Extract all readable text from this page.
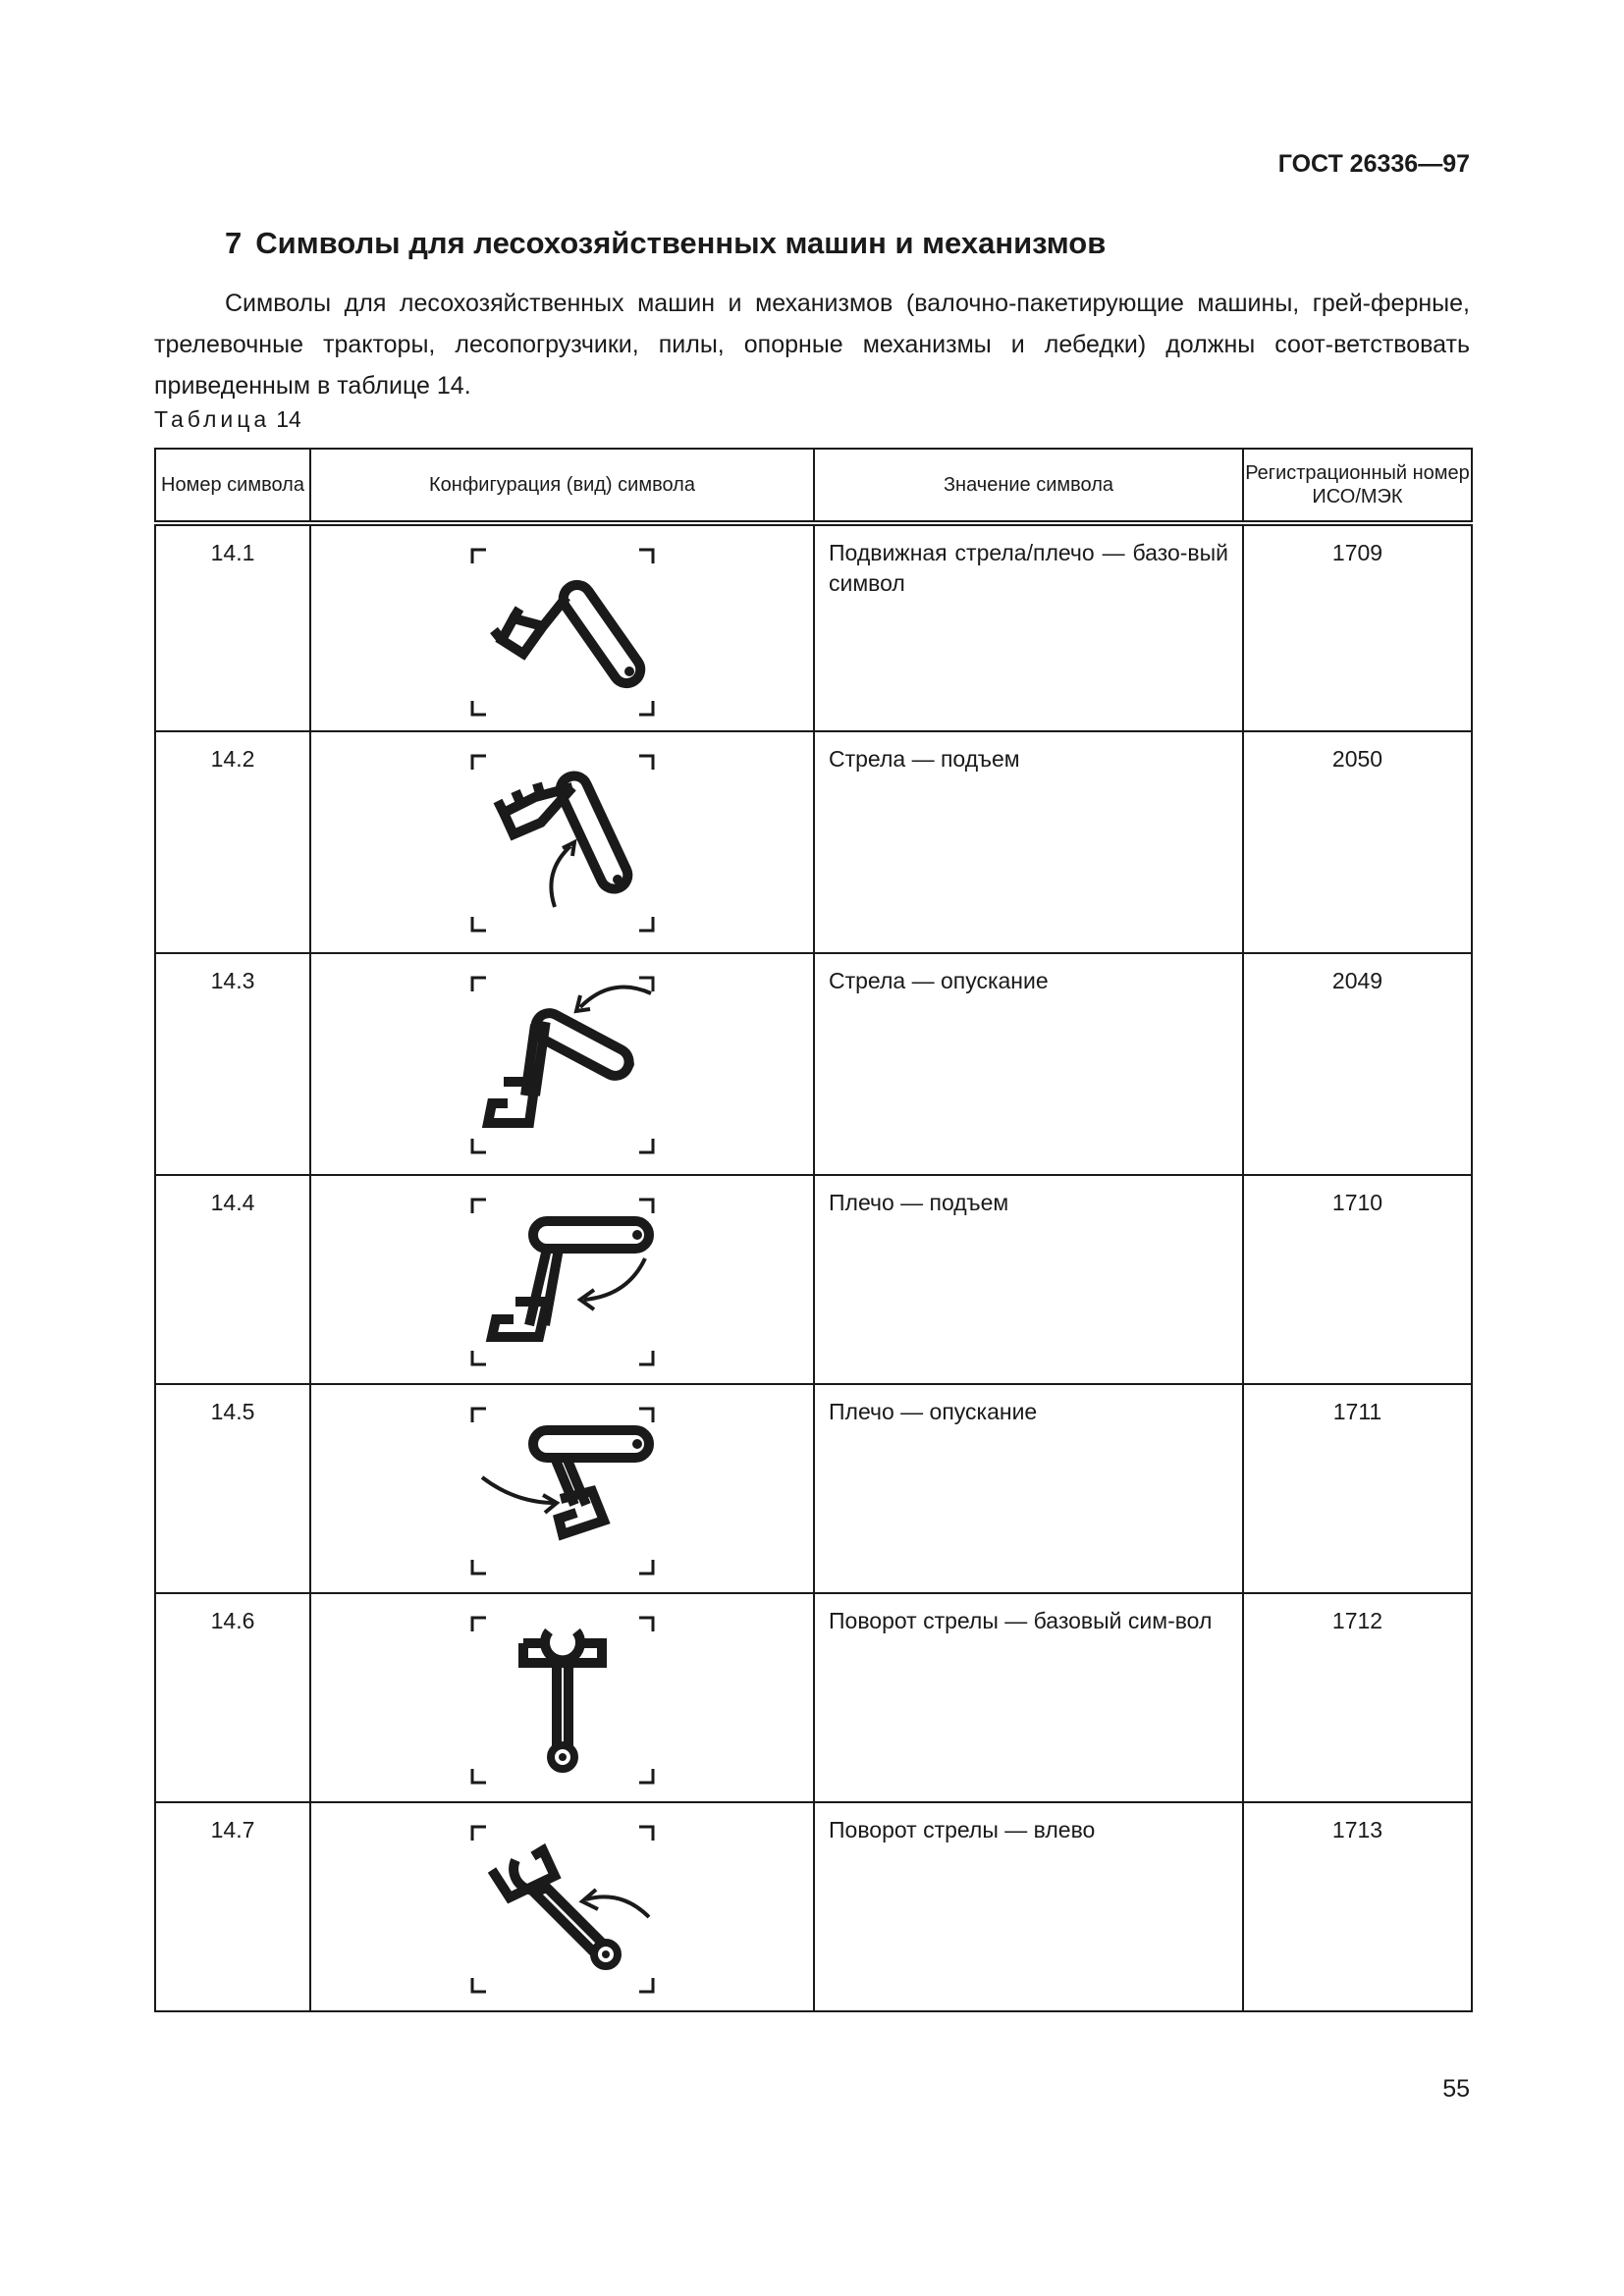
ГОСТ 26336—97
7 Символы для лесохозяйственных машин и механизмов

Символы для лесохозяйственных машин и механизмов (валочно-пакетирующие машины, грей-ферные, трелевочные тракторы, лесопогрузчики, пилы, опорные механизмы и лебедки) должны соот-ветствовать приведенным в таблице 14.

Таблица 14
Номер символа	Конфигурация (вид) символа	Значение символа	Регистрационный номер ИСО/МЭК
14.1		Подвижная стрела/плечо — базо-вый символ	1709
14.2		Стрела — подъем	2050
14.3		Стрела — опускание	2049
14.4		Плечо — подъем	1710
14.5		Плечо — опускание	1711
14.6		Поворот стрелы — базовый сим-вол	1712
14.7		Поворот стрелы — влево	1713
55
